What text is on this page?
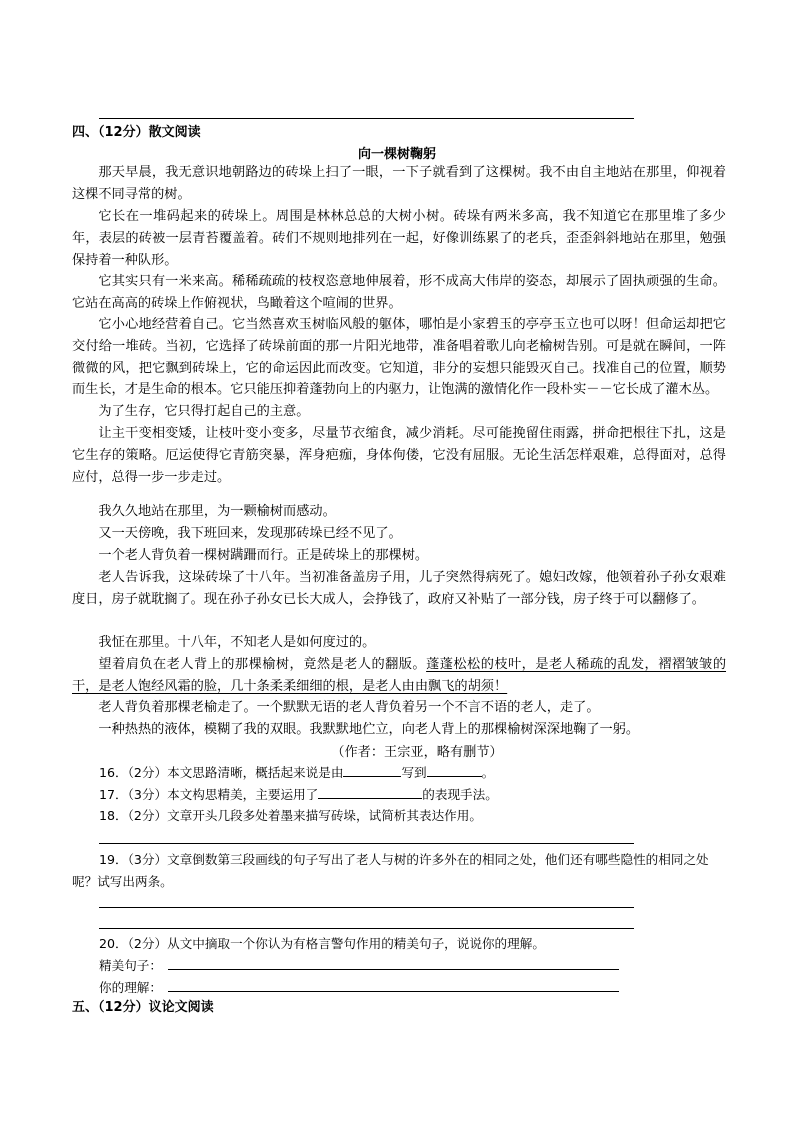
四、（12分）散文阅读
向一棵树鞠躬

那天早晨，我无意识地朝路边的砖垛上扫了一眼，一下子就看到了这棵树。我不由自主地站在那里，仰视着这棵不同寻常的树。

它长在一堆码起来的砖垛上。周围是林林总总的大树小树。砖垛有两米多高，我不知道它在那里堆了多少年，表层的砖被一层青苔覆盖着。砖们不规则地排列在一起，好像训练累了的老兵，歪歪斜斜地站在那里，勉强保持着一种队形。

它其实只有一米来高。稀稀疏疏的枝杈恣意地伸展着，形不成高大伟岸的姿态，却展示了固执顽强的生命。它站在高高的砖垛上作俯视状，鸟瞰着这个喧闹的世界。

它小心地经营着自己。它当然喜欢玉树临风般的躯体，哪怕是小家碧玉的亭亭玉立也可以呀！但命运却把它交付给一堆砖。当初，它选择了砖垛前面的那一片阳光地带，准备唱着歌儿向老榆树告别。可是就在瞬间，一阵微微的风，把它飘到砖垛上，它的命运因此而改变。它知道，非分的妄想只能毁灭自己。找准自己的位置，顺势而生长，才是生命的根本。它只能压抑着蓬勃向上的内驱力，让饱满的激情化作一段朴实－－它长成了灌木丛。

为了生存，它只得打起自己的主意。

让主干变相变矮，让枝叶变小变多，尽量节衣缩食，减少消耗。尽可能挽留住雨露，拼命把根往下扎，这是它生存的策略。厄运使得它青筋突暴，浑身疤痂，身体佝偻，它没有屈服。无论生活怎样艰难，总得面对，总得应付，总得一步一步走过。

我久久地站在那里，为一颗榆树而感动。

又一天傍晚，我下班回来，发现那砖垛已经不见了。

一个老人背负着一棵树蹒跚而行。正是砖垛上的那棵树。

老人告诉我，这垛砖垛了十八年。当初准备盖房子用，儿子突然得病死了。媳妇改嫁，他领着孙子孙女艰难度日，房子就耽搁了。现在孙子孙女已长大成人，会挣钱了，政府又补贴了一部分钱，房子终于可以翻修了。

我怔在那里。十八年，不知老人是如何度过的。

望着肩负在老人背上的那棵榆树，竟然是老人的翻版。蓬蓬松松的枝叶，是老人稀疏的乱发，褶褶皱皱的干，是老人饱经风霜的脸，几十条柔柔细细的根，是老人由由飘飞的胡须！

老人背负着那棵老榆走了。一个默默无语的老人背负着另一个不言不语的老人，走了。

一种热热的液体，模糊了我的双眼。我默默地伫立，向老人背上的那棵榆树深深地鞠了一躬。

（作者：王宗亚，略有删节）
16．（2分）本文思路清晰，概括起来说是由	写到	。
17．（3分）本文构思精美，主要运用了	的表现手法。
18．（2分）文章开头几段多处着墨来描写砖垛，试简析其表达作用。
19．（3分）文章倒数第三段画线的句子写出了老人与树的许多外在的相同之处，他们还有哪些隐性的相同之处呢？试写出两条。
20．（2分）从文中摘取一个你认为有格言警句作用的精美句子，说说你的理解。
精美句子：
你的理解：
五、（12分）议论文阅读
